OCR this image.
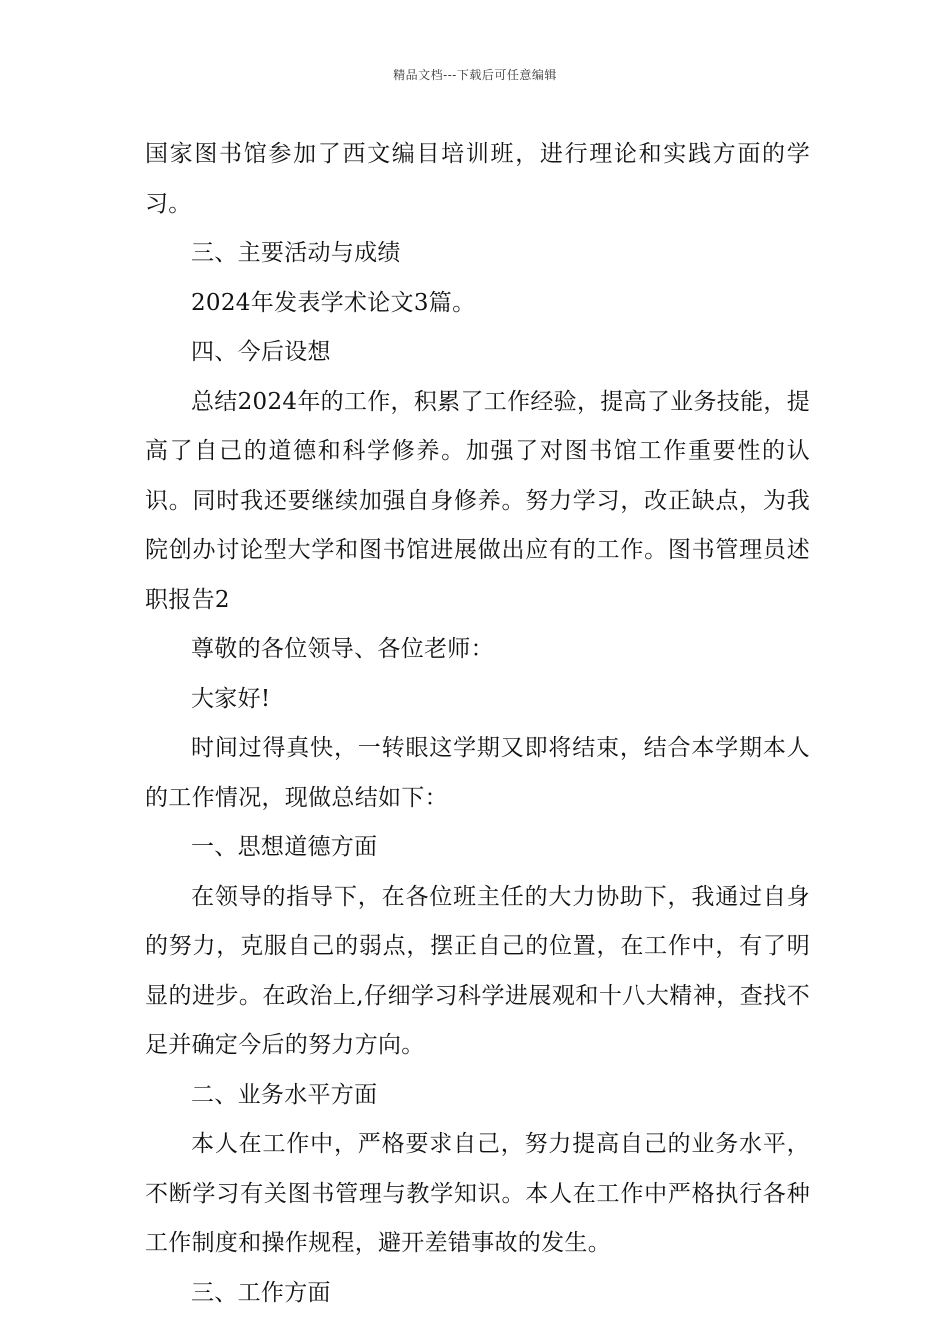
精品文档---下载后可任意编辑

国家图书馆参加了西文编目培训班，进行理论和实践方面的学习。

三、主要活动与成绩

2024年发表学术论文3篇。

四、今后设想

总结2024年的工作，积累了工作经验，提高了业务技能，提高了自己的道德和科学修养。加强了对图书馆工作重要性的认识。同时我还要继续加强自身修养。努力学习，改正缺点，为我院创办讨论型大学和图书馆进展做出应有的工作。图书管理员述职报告2

尊敬的各位领导、各位老师：

大家好!

时间过得真快，一转眼这学期又即将结束，结合本学期本人的工作情况，现做总结如下：

一、思想道德方面

在领导的指导下，在各位班主任的大力协助下，我通过自身的努力，克服自己的弱点，摆正自己的位置，在工作中，有了明显的进步。在政治上,仔细学习科学进展观和十八大精神，查找不足并确定今后的努力方向。

二、业务水平方面

本人在工作中，严格要求自己，努力提高自己的业务水平，不断学习有关图书管理与教学知识。本人在工作中严格执行各种工作制度和操作规程，避开差错事故的发生。

三、工作方面
